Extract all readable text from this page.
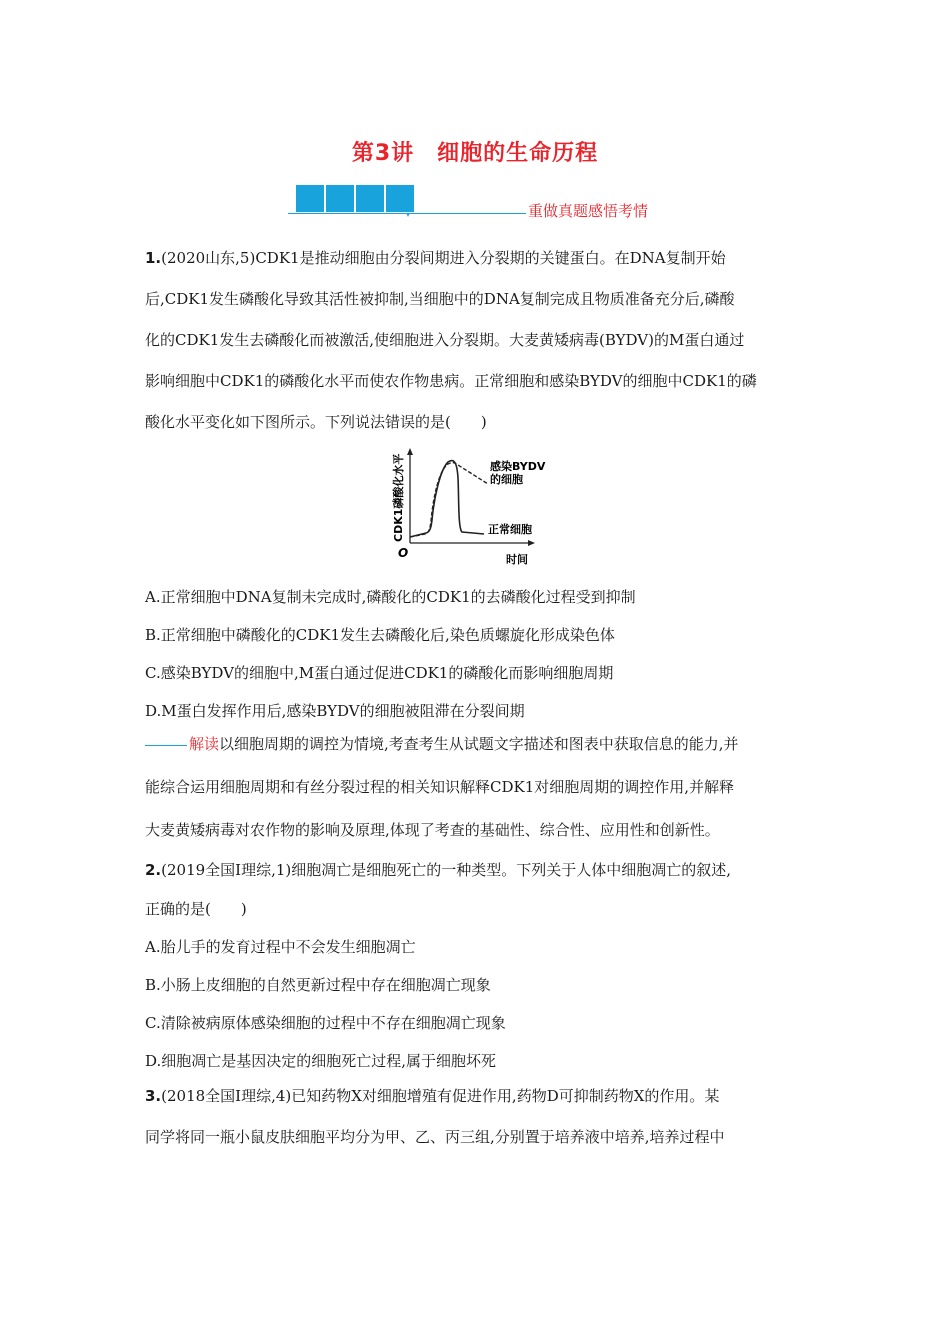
第3讲　细胞的生命历程
▾	重做真题感悟考情
1.(2020山东,5)CDK1是推动细胞由分裂间期进入分裂期的关键蛋白。在DNA复制开始
后,CDK1发生磷酸化导致其活性被抑制,当细胞中的DNA复制完成且物质准备充分后,磷酸
化的CDK1发生去磷酸化而被激活,使细胞进入分裂期。大麦黄矮病毒(BYDV)的M蛋白通过
影响细胞中CDK1的磷酸化水平而使农作物患病。正常细胞和感染BYDV的细胞中CDK1的磷
酸化水平变化如下图所示。下列说法错误的是(　　)
CDK1磷酸化水平
O	时间
感染BYDV
的细胞
正常细胞
A.正常细胞中DNA复制未完成时,磷酸化的CDK1的去磷酸化过程受到抑制
B.正常细胞中磷酸化的CDK1发生去磷酸化后,染色质螺旋化形成染色体
C.感染BYDV的细胞中,M蛋白通过促进CDK1的磷酸化而影响细胞周期
D.M蛋白发挥作用后,感染BYDV的细胞被阻滞在分裂间期
解读以细胞周期的调控为情境,考查考生从试题文字描述和图表中获取信息的能力,并
能综合运用细胞周期和有丝分裂过程的相关知识解释CDK1对细胞周期的调控作用,并解释
大麦黄矮病毒对农作物的影响及原理,体现了考查的基础性、综合性、应用性和创新性。
2.(2019全国Ⅰ理综,1)细胞凋亡是细胞死亡的一种类型。下列关于人体中细胞凋亡的叙述,
正确的是(　　)
A.胎儿手的发育过程中不会发生细胞凋亡
B.小肠上皮细胞的自然更新过程中存在细胞凋亡现象
C.清除被病原体感染细胞的过程中不存在细胞凋亡现象
D.细胞凋亡是基因决定的细胞死亡过程,属于细胞坏死
3.(2018全国Ⅰ理综,4)已知药物X对细胞增殖有促进作用,药物D可抑制药物X的作用。某
同学将同一瓶小鼠皮肤细胞平均分为甲、乙、丙三组,分别置于培养液中培养,培养过程中
